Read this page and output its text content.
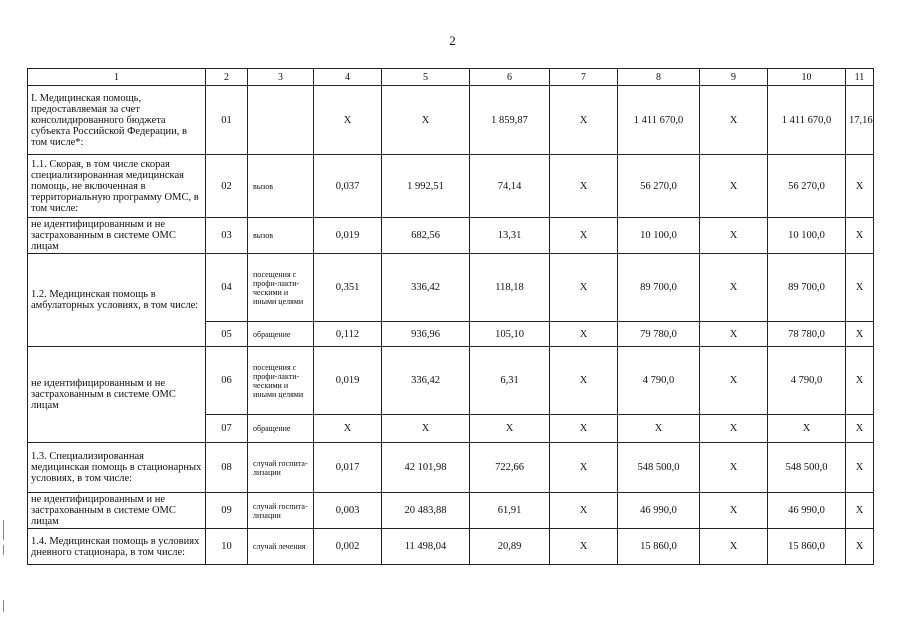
2
1	2	3	4	5	6	7	8	9	10	11
I. Медицинская помощь, предоставляемая за счет консолидированного бюджета субъекта Российской Федерации, в том числе*:	01		X	X	1 859,87	X	1 411 670,0	X	1 411 670,0	17,16
1.1. Скорая, в том числе скорая специализированная медицинская помощь, не включенная в территориальную программу ОМС, в том числе:	02	вызов	0,037	1 992,51	74,14	X	56 270,0	X	56 270,0	X
не идентифицированным и не застрахованным в системе ОМС лицам	03	вызов	0,019	682,56	13,31	X	10 100,0	X	10 100,0	X
1.2. Медицинская помощь в амбулаторных условиях, в том числе:	04	посещения с профи-лакти-ческими и иными целями	0,351	336,42	118,18	X	89 700,0	X	89 700,0	X
	05	обращение	0,112	936,96	105,10	X	79 780,0	X	78 780,0	X
не идентифицированным и не застрахованным в системе ОМС лицам	06	посещения с профи-лакти-ческими и иными целями	0,019	336,42	6,31	X	4 790,0	X	4 790,0	X
	07	обращение	X	X	X	X	X	X	X	X
1.3. Специализированная медицинская помощь в стационарных условиях, в том числе:	08	случай госпита-лизации	0,017	42 101,98	722,66	X	548 500,0	X	548 500,0	X
не идентифицированным и не застрахованным в системе ОМС лицам	09	случай госпита-лизации	0,003	20 483,88	61,91	X	46 990,0	X	46 990,0	X
1.4. Медицинская помощь в условиях дневного стационара, в том числе:	10	случай лечения	0,002	11 498,04	20,89	X	15 860,0	X	15 860,0	X
